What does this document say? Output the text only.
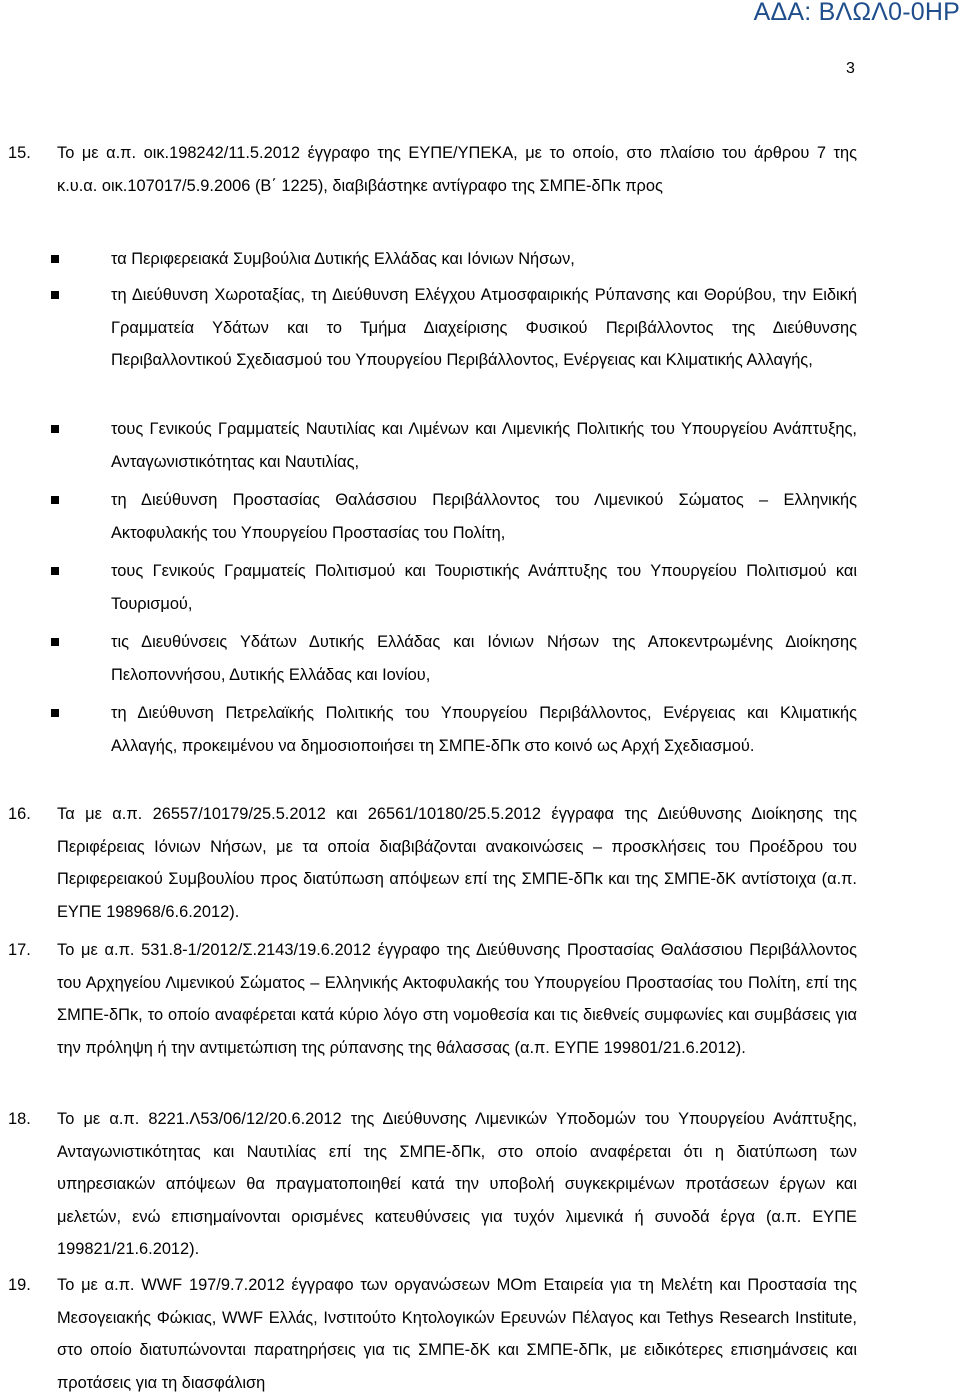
ΑΔΑ: ΒΛΩΛ0-0ΗΡ
3
15. Το με α.π. οικ.198242/11.5.2012 έγγραφο της ΕΥΠΕ/ΥΠΕΚΑ, με το οποίο, στο πλαίσιο του άρθρου 7 της κ.υ.α. οικ.107017/5.9.2006 (Β΄ 1225), διαβιβάστηκε αντίγραφο της ΣΜΠΕ-δΠκ προς
τα Περιφερειακά Συμβούλια Δυτικής Ελλάδας και Ιόνιων Νήσων,
τη Διεύθυνση Χωροταξίας, τη Διεύθυνση Ελέγχου Ατμοσφαιρικής Ρύπανσης και Θορύβου, την Ειδική Γραμματεία Υδάτων και το Τμήμα Διαχείρισης Φυσικού Περιβάλλοντος της Διεύθυνσης Περιβαλλοντικού Σχεδιασμού του Υπουργείου Περιβάλλοντος, Ενέργειας και Κλιματικής Αλλαγής,
τους Γενικούς Γραμματείς Ναυτιλίας και Λιμένων και Λιμενικής Πολιτικής του Υπουργείου Ανάπτυξης, Ανταγωνιστικότητας και Ναυτιλίας,
τη Διεύθυνση Προστασίας Θαλάσσιου Περιβάλλοντος του Λιμενικού Σώματος – Ελληνικής Ακτοφυλακής του Υπουργείου Προστασίας του Πολίτη,
τους Γενικούς Γραμματείς Πολιτισμού και Τουριστικής Ανάπτυξης του Υπουργείου Πολιτισμού και Τουρισμού,
τις Διευθύνσεις Υδάτων Δυτικής Ελλάδας και Ιόνιων Νήσων της Αποκεντρωμένης Διοίκησης Πελοποννήσου, Δυτικής Ελλάδας και Ιονίου,
τη Διεύθυνση Πετρελαϊκής Πολιτικής του Υπουργείου Περιβάλλοντος, Ενέργειας και Κλιματικής Αλλαγής, προκειμένου να δημοσιοποιήσει τη ΣΜΠΕ-δΠκ στο κοινό ως Αρχή Σχεδιασμού.
16. Τα με α.π. 26557/10179/25.5.2012 και 26561/10180/25.5.2012 έγγραφα της Διεύθυνσης Διοίκησης της Περιφέρειας Ιόνιων Νήσων, με τα οποία διαβιβάζονται ανακοινώσεις – προσκλήσεις του Προέδρου του Περιφερειακού Συμβουλίου προς διατύπωση απόψεων επί της ΣΜΠΕ-δΠκ και της ΣΜΠΕ-δΚ αντίστοιχα (α.π. ΕΥΠΕ 198968/6.6.2012).
17. Το με α.π. 531.8-1/2012/Σ.2143/19.6.2012 έγγραφο της Διεύθυνσης Προστασίας Θαλάσσιου Περιβάλλοντος του Αρχηγείου Λιμενικού Σώματος – Ελληνικής Ακτοφυλακής του Υπουργείου Προστασίας του Πολίτη, επί της ΣΜΠΕ-δΠκ, το οποίο αναφέρεται κατά κύριο λόγο στη νομοθεσία και τις διεθνείς συμφωνίες και συμβάσεις για την πρόληψη ή την αντιμετώπιση της ρύπανσης της θάλασσας (α.π. ΕΥΠΕ 199801/21.6.2012).
18. Το με α.π. 8221.Λ53/06/12/20.6.2012 της Διεύθυνσης Λιμενικών Υποδομών του Υπουργείου Ανάπτυξης, Ανταγωνιστικότητας και Ναυτιλίας επί της ΣΜΠΕ-δΠκ, στο οποίο αναφέρεται ότι η διατύπωση των υπηρεσιακών απόψεων θα πραγματοποιηθεί κατά την υποβολή συγκεκριμένων προτάσεων έργων και μελετών, ενώ επισημαίνονται ορισμένες κατευθύνσεις για τυχόν λιμενικά ή συνοδά έργα (α.π. ΕΥΠΕ 199821/21.6.2012).
19. Το με α.π. WWF 197/9.7.2012 έγγραφο των οργανώσεων ΜΟm Εταιρεία για τη Μελέτη και Προστασία της Μεσογειακής Φώκιας, WWF Ελλάς, Ινστιτούτο Κητολογικών Ερευνών Πέλαγος και Tethys Research Institute, στο οποίο διατυπώνονται παρατηρήσεις για τις ΣΜΠΕ-δΚ και ΣΜΠΕ-δΠκ, με ειδικότερες επισημάνσεις και προτάσεις για τη διασφάλιση
